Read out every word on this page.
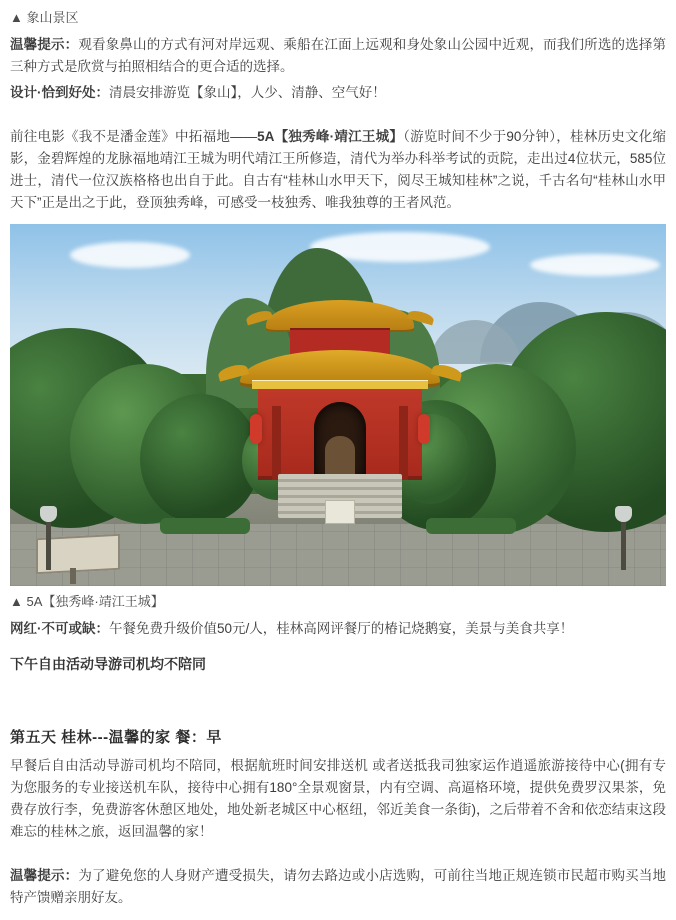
▲ 象山景区

温馨提示：观看象鼻山的方式有河对岸远观、乘船在江面上远观和身处象山公园中近观，而我们所选的选择第三种方式是欣赏与拍照相结合的更合适的选择。

设计·恰到好处：清晨安排游览【象山】，人少、清静、空气好！

前往电影《我不是潘金莲》中拓福地——5A【独秀峰·靖江王城】（游览时间不少于90分钟），桂林历史文化缩影，金碧辉煌的龙脉福地靖江王城为明代靖江王所修造，清代为举办科举考试的贡院，走出过4位状元，585位进士，清代一位汉族格格也出自于此。自古有“桂林山水甲天下，阅尽王城知桂林”之说，千古名句“桂林山水甲天下”正是出之于此，登顶独秀峰，可感受一枝独秀、唯我独尊的王者风范。

▲ 5A【独秀峰·靖江王城】

网红·不可或缺：午餐免费升级价值50元/人，桂林高网评餐厅的椿记烧鹅宴，美景与美食共享！

下午自由活动导游司机均不陪同

第五天 桂林---温馨的家 餐：早

早餐后自由活动导游司机均不陪同，根据航班时间安排送机 或者送抵我司独家运作逍遥旅游接待中心(拥有专为您服务的专业接送机车队，接待中心拥有180°全景观窗景，内有空调、高逼格环境，提供免费罗汉果茶，免费存放行李，免费游客休憩区地处，地处新老城区中心枢纽，邻近美食一条街)，之后带着不舍和依恋结束这段难忘的桂林之旅，返回温馨的家！

温馨提示：为了避免您的人身财产遭受损失，请勿去路边或小店选购，可前往当地正规连锁市民超市购买当地特产馈赠亲朋好友。
